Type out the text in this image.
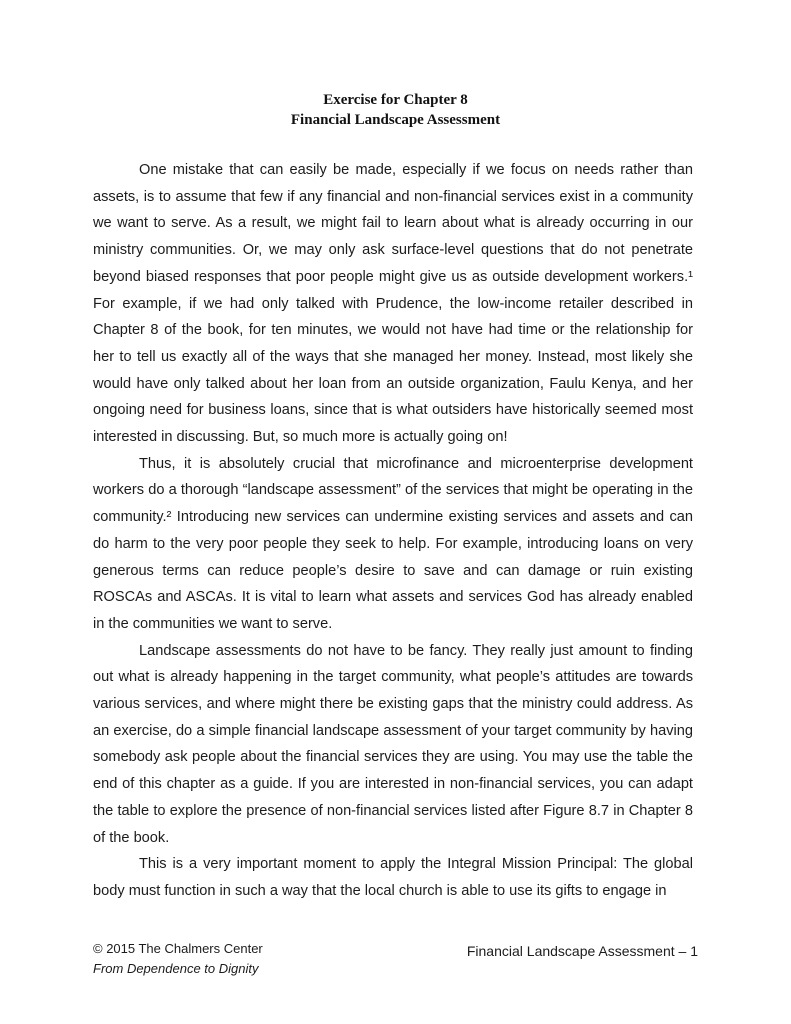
Exercise for Chapter 8
Financial Landscape Assessment

One mistake that can easily be made, especially if we focus on needs rather than assets, is to assume that few if any financial and non-financial services exist in a community we want to serve. As a result, we might fail to learn about what is already occurring in our ministry communities. Or, we may only ask surface-level questions that do not penetrate beyond biased responses that poor people might give us as outside development workers.¹ For example, if we had only talked with Prudence, the low-income retailer described in Chapter 8 of the book, for ten minutes, we would not have had time or the relationship for her to tell us exactly all of the ways that she managed her money. Instead, most likely she would have only talked about her loan from an outside organization, Faulu Kenya, and her ongoing need for business loans, since that is what outsiders have historically seemed most interested in discussing. But, so much more is actually going on!

Thus, it is absolutely crucial that microfinance and microenterprise development workers do a thorough “landscape assessment” of the services that might be operating in the community.² Introducing new services can undermine existing services and assets and can do harm to the very poor people they seek to help. For example, introducing loans on very generous terms can reduce people’s desire to save and can damage or ruin existing ROSCAs and ASCAs. It is vital to learn what assets and services God has already enabled in the communities we want to serve.

Landscape assessments do not have to be fancy. They really just amount to finding out what is already happening in the target community, what people’s attitudes are towards various services, and where might there be existing gaps that the ministry could address. As an exercise, do a simple financial landscape assessment of your target community by having somebody ask people about the financial services they are using. You may use the table the end of this chapter as a guide. If you are interested in non-financial services, you can adapt the table to explore the presence of non-financial services listed after Figure 8.7 in Chapter 8 of the book.

This is a very important moment to apply the Integral Mission Principal: The global body must function in such a way that the local church is able to use its gifts to engage in

© 2015 The Chalmers Center
From Dependence to Dignity
Financial Landscape Assessment – 1
